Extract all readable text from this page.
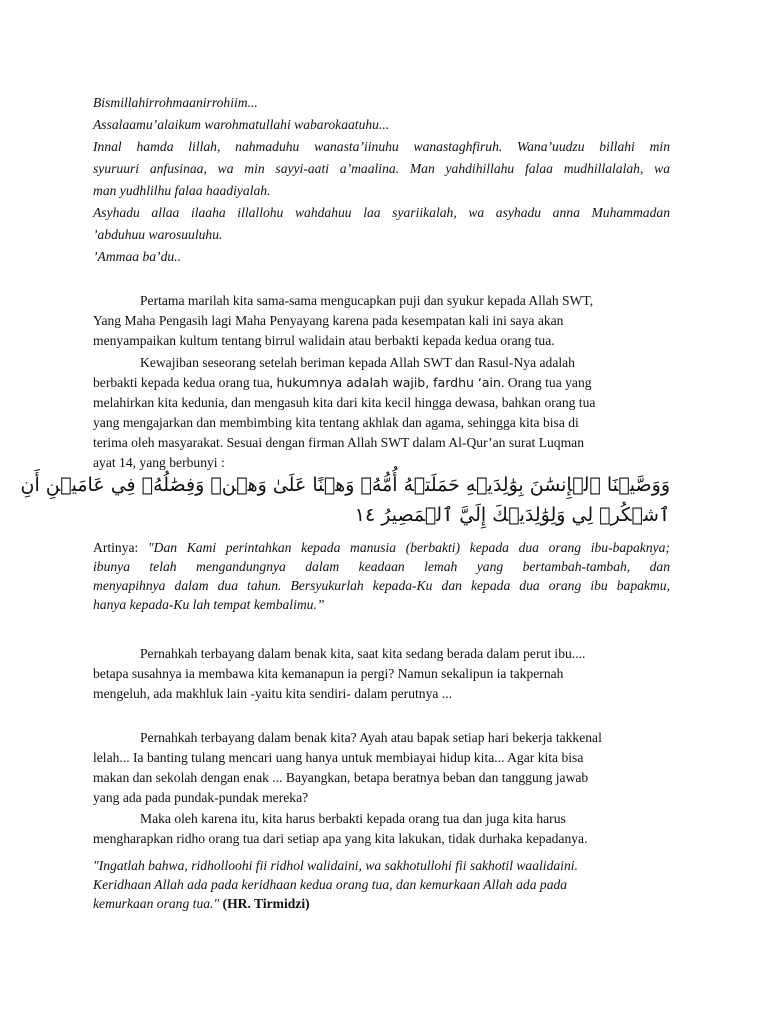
Bismillahirrohmaanirrohiim...
Assalaamu’alaikum warohmatullahi wabarokaatuhu...
Innal hamda lillah, nahmaduhu wanasta’iinuhu wanastaghfiruh. Wana’uudzu billahi min
syuruuri anfusinaa, wa min sayyi-aati a’maalina. Man yahdihillahu falaa mudhillalalah, wa
man yudhlilhu falaa haadiyalah.
Asyhadu allaa ilaaha illallohu wahdahuu laa syariikalah, wa asyhadu anna Muhammadan
’abduhuu warosuuluhu.
’Ammaa ba’du..
Pertama marilah kita sama-sama mengucapkan puji dan syukur kepada Allah SWT,
Yang Maha Pengasih lagi Maha Penyayang karena pada kesempatan kali ini saya akan
menyampaikan kultum tentang birrul walidain atau berbakti kepada kedua orang tua.
Kewajiban seseorang setelah beriman kepada Allah SWT dan Rasul-Nya adalah
berbakti kepada kedua orang tua, hukumnya adalah wajib, fardhu ‘ain. Orang tua yang
melahirkan kita kedunia, dan mengasuh kita dari kita kecil hingga dewasa, bahkan orang tua
yang mengajarkan dan membimbing kita tentang akhlak dan agama, sehingga kita bisa di
terima oleh masyarakat. Sesuai dengan firman Allah SWT dalam Al-Qur’an surat Luqman
ayat 14, yang berbunyi :
وَوَصَّيۡنَا ٱلۡإِنسَٰنَ بِوَٰلِدَيۡهِ حَمَلَتۡهُ أُمُّهُۥ وَهۡنًا عَلَىٰ وَهۡنٖ وَفِصَٰلُهُۥ فِي عَامَيۡنِ أَنِ
ٱشۡكُرۡ لِي وَلِوَٰلِدَيۡكَ إِلَيَّ ٱلۡمَصِيرُ ١٤
Artinya: "Dan Kami perintahkan kepada manusia (berbakti) kepada dua orang ibu-bapaknya;
ibunya telah mengandungnya dalam keadaan lemah yang bertambah-tambah, dan
menyapihnya dalam dua tahun. Bersyukurlah kepada-Ku dan kepada dua orang ibu bapakmu,
hanya kepada-Ku lah tempat kembalimu.”
Pernahkah terbayang dalam benak kita, saat kita sedang berada dalam perut ibu....
betapa susahnya ia membawa kita kemanapun ia pergi? Namun sekalipun ia takpernah
mengeluh, ada makhluk lain -yaitu kita sendiri- dalam perutnya ...
Pernahkah terbayang dalam benak kita? Ayah atau bapak setiap hari bekerja takkenal
lelah... Ia banting tulang mencari uang hanya untuk membiayai hidup kita... Agar kita bisa
makan dan sekolah dengan enak ... Bayangkan, betapa beratnya beban dan tanggung jawab
yang ada pada pundak-pundak mereka?
Maka oleh karena itu, kita harus berbakti kepada orang tua dan juga kita harus
mengharapkan ridho orang tua dari setiap apa yang kita lakukan, tidak durhaka kepadanya.
"Ingatlah bahwa, ridholloohi fii ridhol walidaini, wa sakhotullohi fii sakhotil waalidaini.
Keridhaan Allah ada pada keridhaan kedua orang tua, dan kemurkaan Allah ada pada
kemurkaan orang tua." (HR. Tirmidzi)
